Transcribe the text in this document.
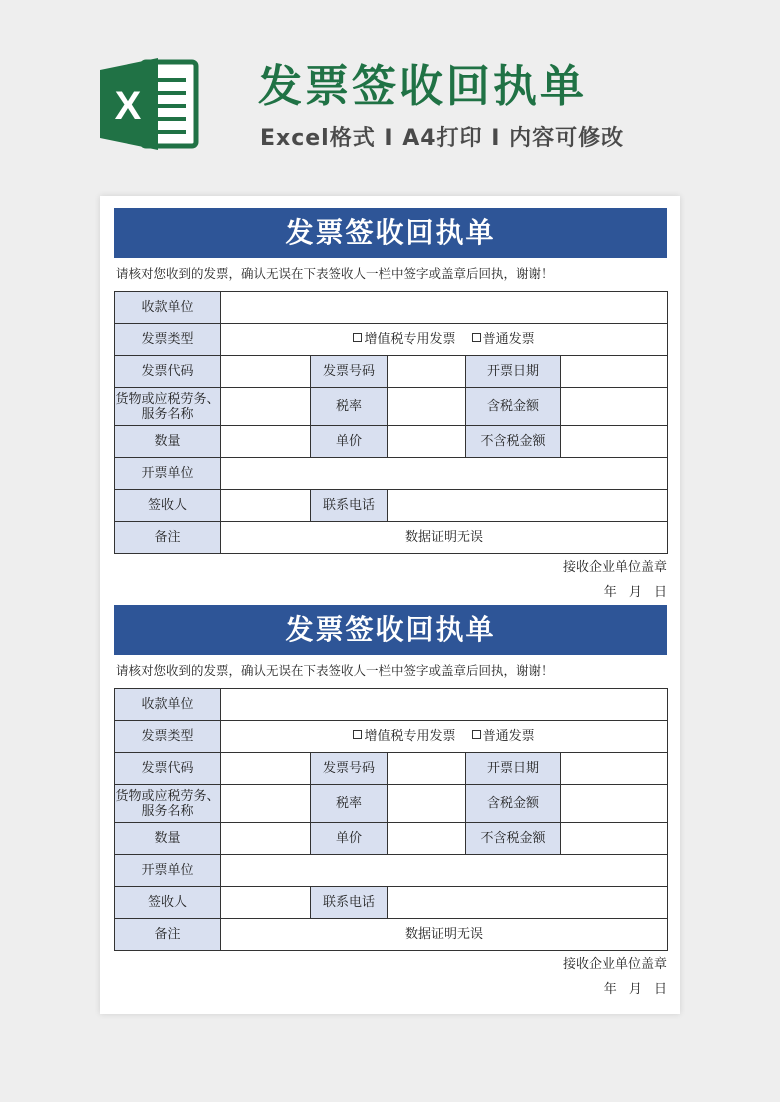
X	发票签收回执单
Excel格式 I A4打印 I 内容可修改
发票签收回执单
请核对您收到的发票，确认无误在下表签收人一栏中签字或盖章后回执，谢谢！
收款单位					
发票类型	增值税专用发票 普通发票				
发票代码		发票号码		开票日期	
货物或应税劳务、服务名称		税率		含税金额	
数量		单价		不含税金额	
开票单位					
签收人		联系电话			
备注	数据证明无误				
接收企业单位盖章
年 月 日
发票签收回执单
请核对您收到的发票，确认无误在下表签收人一栏中签字或盖章后回执，谢谢！
收款单位					
发票类型	增值税专用发票 普通发票				
发票代码		发票号码		开票日期	
货物或应税劳务、服务名称		税率		含税金额	
数量		单价		不含税金额	
开票单位					
签收人		联系电话			
备注	数据证明无误				
接收企业单位盖章
年 月 日
